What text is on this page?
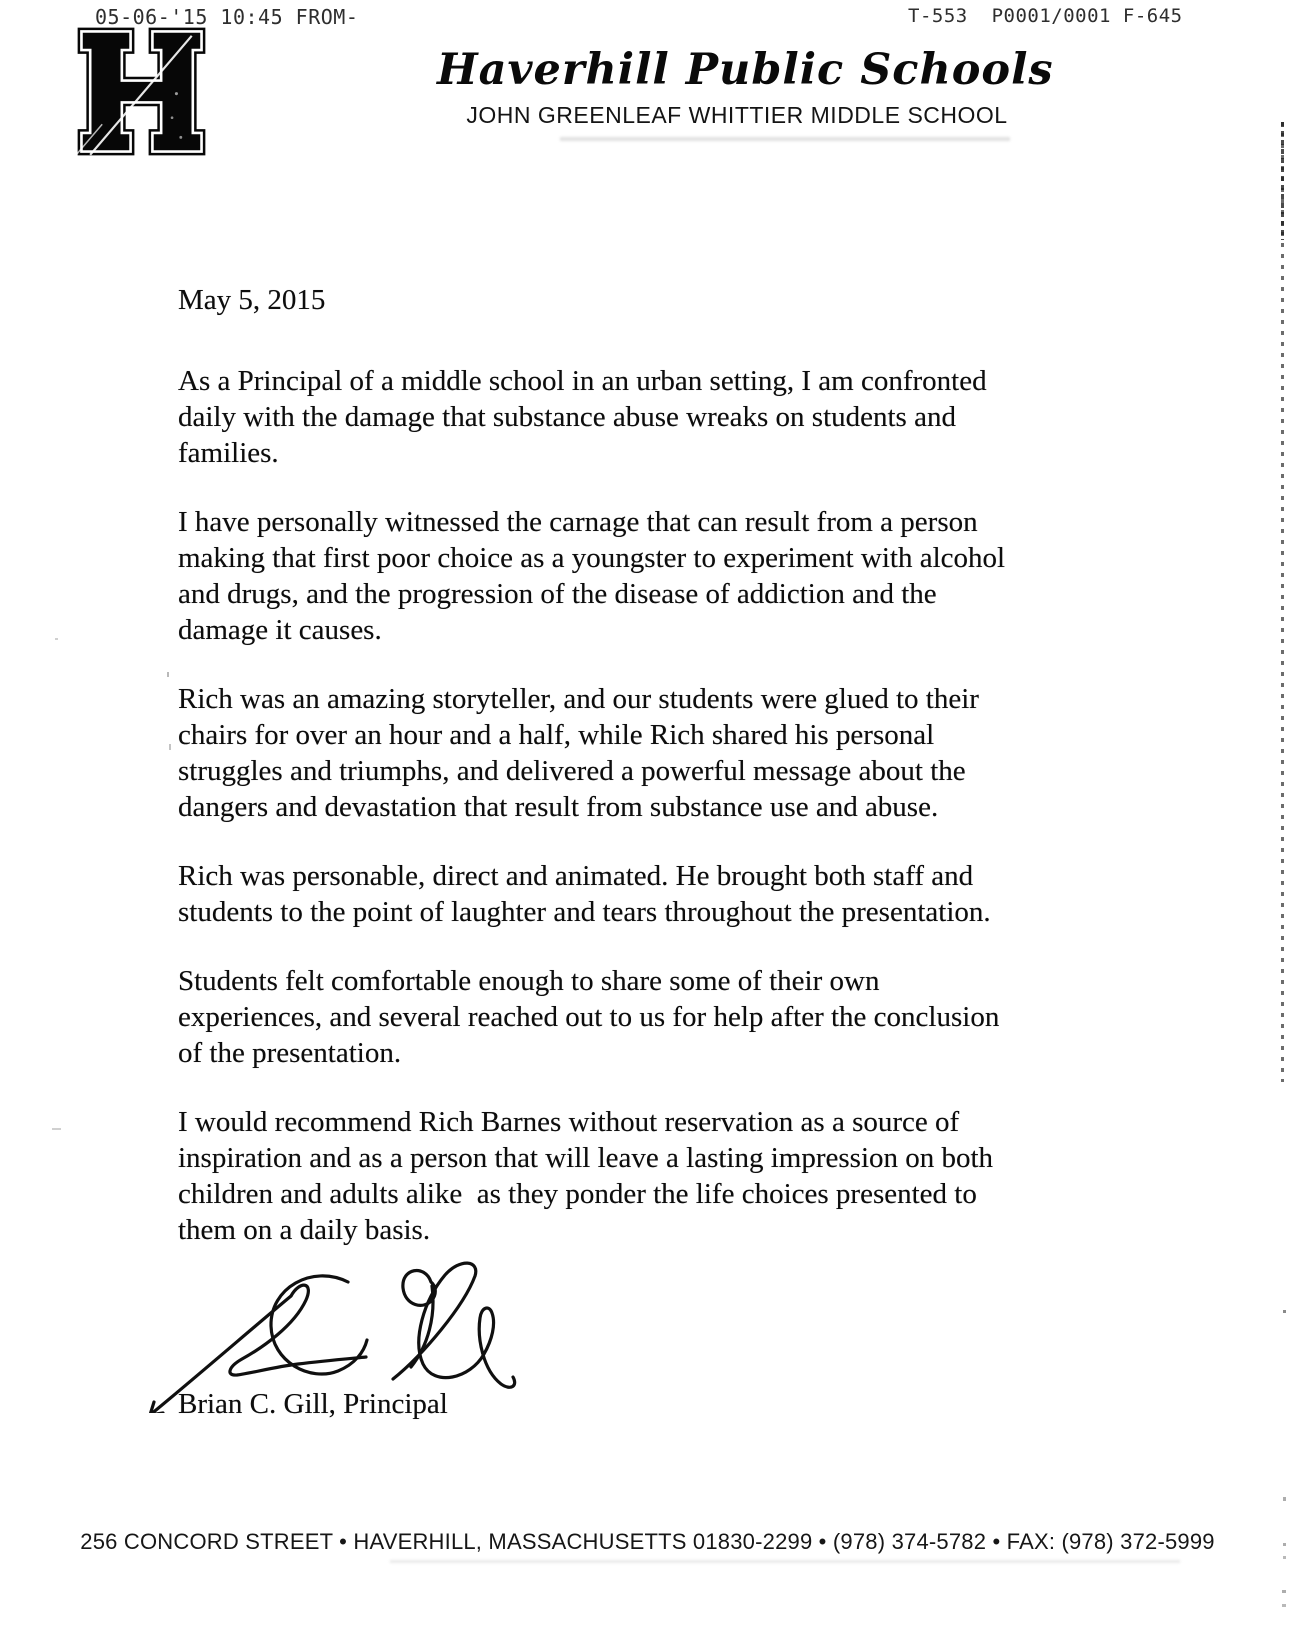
05-06-'15 10:45 FROM-	T-553  P0001/0001 F-645
Haverhill Public Schools
JOHN GREENLEAF WHITTIER MIDDLE SCHOOL
May 5, 2015
As a Principal of a middle school in an urban setting, I am confronted
daily with the damage that substance abuse wreaks on students and
families.
I have personally witnessed the carnage that can result from a person
making that first poor choice as a youngster to experiment with alcohol
and drugs, and the progression of the disease of addiction and the
damage it causes.
Rich was an amazing storyteller, and our students were glued to their
chairs for over an hour and a half, while Rich shared his personal
struggles and triumphs, and delivered a powerful message about the
dangers and devastation that result from substance use and abuse.
Rich was personable, direct and animated. He brought both staff and
students to the point of laughter and tears throughout the presentation.
Students felt comfortable enough to share some of their own
experiences, and several reached out to us for help after the conclusion
of the presentation.
I would recommend Rich Barnes without reservation as a source of
inspiration and as a person that will leave a lasting impression on both
children and adults alike  as they ponder the life choices presented to
them on a daily basis.
Brian C. Gill, Principal
256 CONCORD STREET • HAVERHILL, MASSACHUSETTS 01830-2299 • (978) 374-5782 • FAX: (978) 372-5999
